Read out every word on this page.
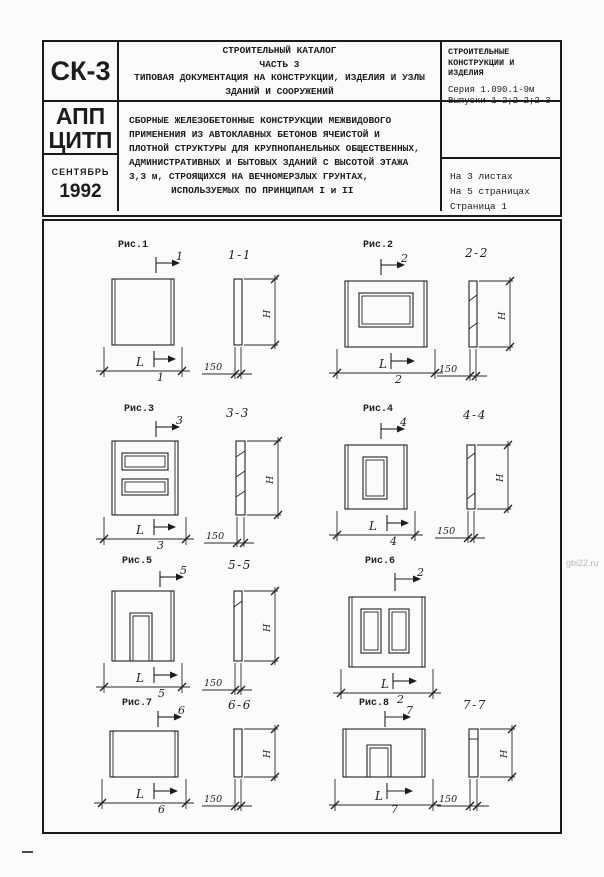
СК-3
АПП
ЦИТП
СЕНТЯБРЬ
1992
СТРОИТЕЛЬНЫЙ КАТАЛОГ
ЧАСТЬ 3
ТИПОВАЯ ДОКУМЕНТАЦИЯ НА КОНСТРУКЦИИ, ИЗДЕЛИЯ И УЗЛЫ
ЗДАНИЙ И СООРУЖЕНИЙ
СБОРНЫЕ ЖЕЛЕЗОБЕТОННЫЕ КОНСТРУКЦИИ МЕЖВИДОВОГО
ПРИМЕНЕНИЯ ИЗ АВТОКЛАВНЫХ БЕТОНОВ ЯЧЕИСТОЙ И
ПЛОТНОЙ СТРУКТУРЫ ДЛЯ КРУПНОПАНЕЛЬНЫХ ОБЩЕСТВЕННЫХ,
АДМИНИСТРАТИВНЫХ И БЫТОВЫХ ЗДАНИЙ С ВЫСОТОЙ ЭТАЖА
3,3 м, СТРОЯЩИХСЯ НА ВЕЧНОМЕРЗЛЫХ ГРУНТАХ,
ИСПОЛЬЗУЕМЫХ ПО ПРИНЦИПАМ I и II
СТРОИТЕЛЬНЫЕ
КОНСТРУКЦИИ И
ИЗДЕЛИЯ
Серия 1.090.1-9м
Выпуски 1-2;2-2;2-3
На 3 листах
На 5 страницах
Страница 1
Рис.1
1
L
1
1-1
H
150
Рис.2
2-2
2
L
2
H
150
Рис.3	3-3
3
L
3
H
150
Рис.4	4-4
4
L
4
H
150
Рис.5	5-5
5
L
5
H
150
Рис.6
2
L
2
Рис.7	6-6
6
L
6
H
150
Рис.8	7-7
7
L
7
H
150
gbi22.ru
